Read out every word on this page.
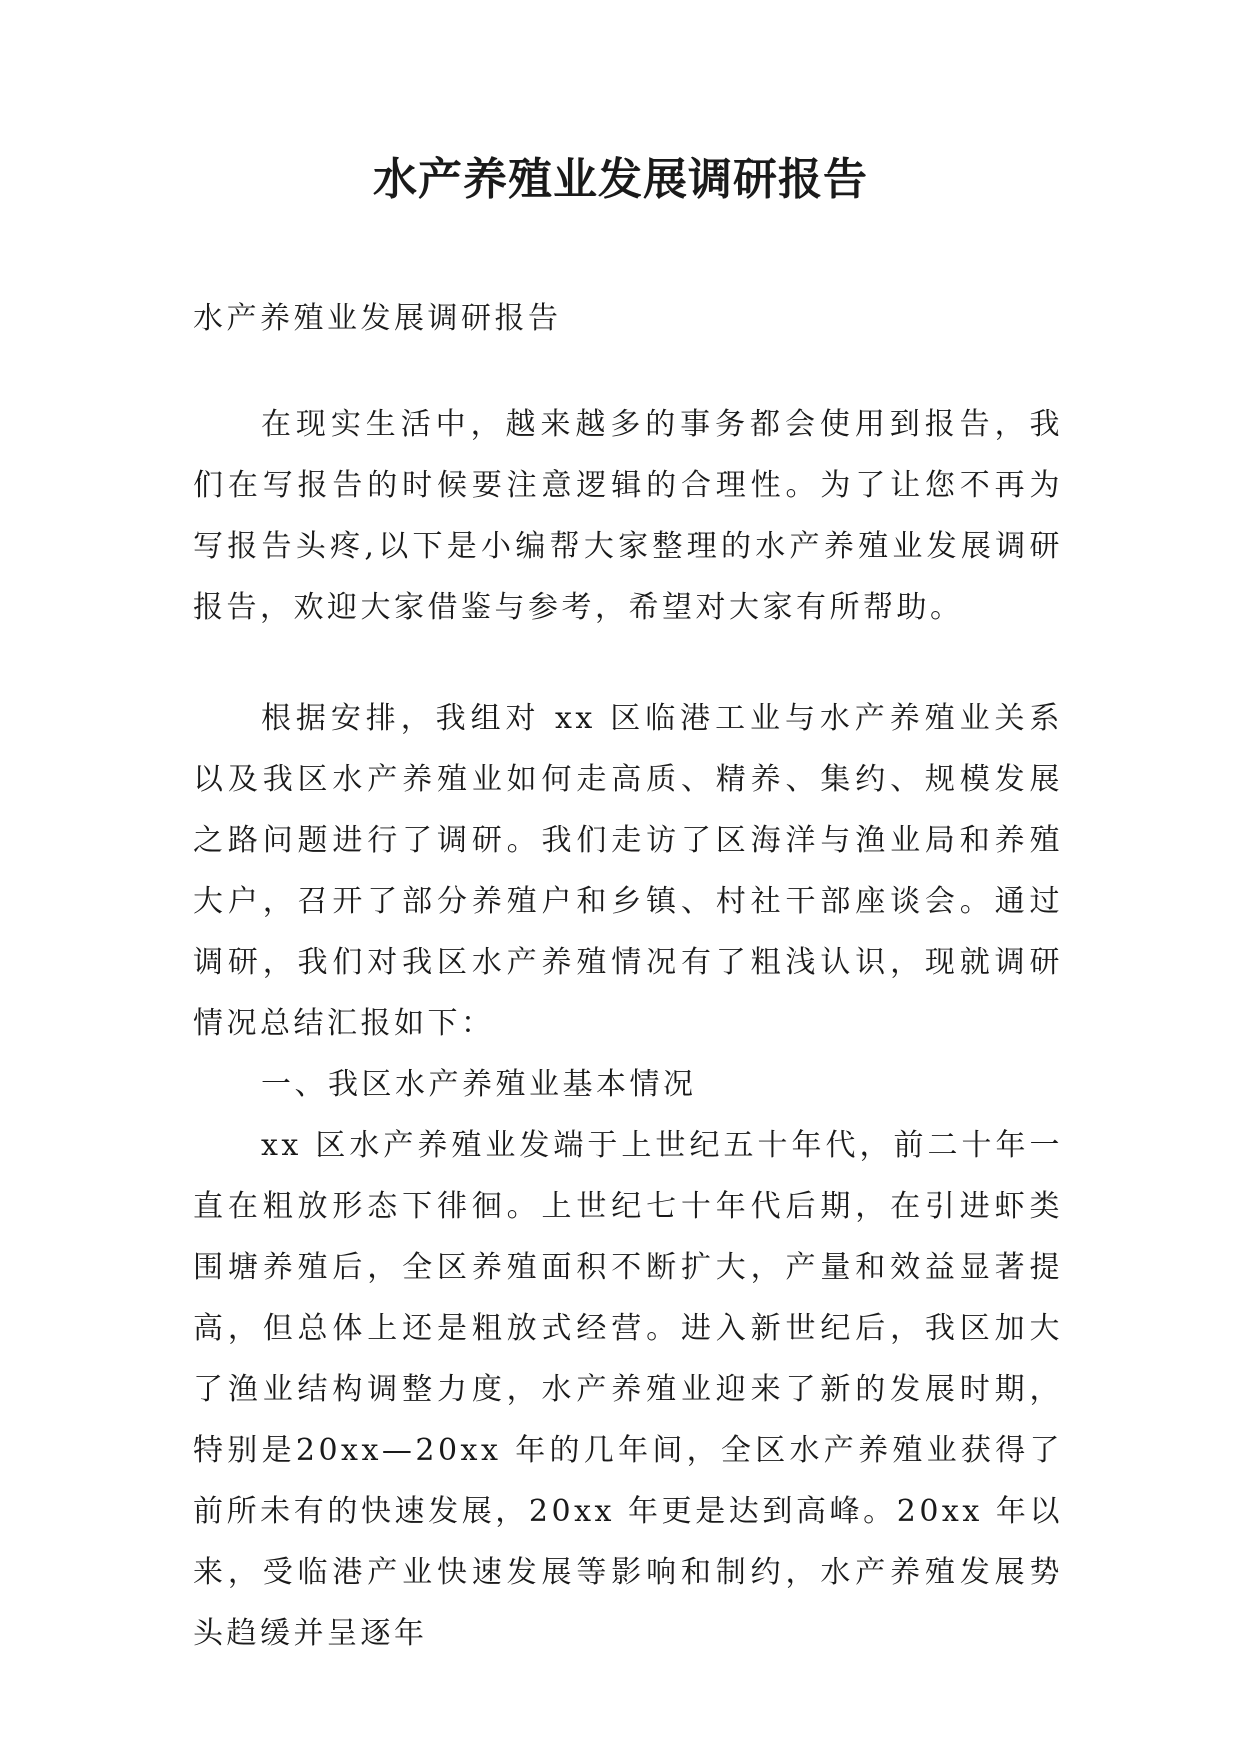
水产养殖业发展调研报告

水产养殖业发展调研报告

在现实生活中，越来越多的事务都会使用到报告，我们在写报告的时候要注意逻辑的合理性。为了让您不再为写报告头疼,以下是小编帮大家整理的水产养殖业发展调研报告，欢迎大家借鉴与参考，希望对大家有所帮助。

根据安排，我组对 xx 区临港工业与水产养殖业关系以及我区水产养殖业如何走高质、精养、集约、规模发展之路问题进行了调研。我们走访了区海洋与渔业局和养殖大户，召开了部分养殖户和乡镇、村社干部座谈会。通过调研，我们对我区水产养殖情况有了粗浅认识，现就调研情况总结汇报如下：

一、我区水产养殖业基本情况

xx 区水产养殖业发端于上世纪五十年代，前二十年一直在粗放形态下徘徊。上世纪七十年代后期，在引进虾类围塘养殖后，全区养殖面积不断扩大，产量和效益显著提高，但总体上还是粗放式经营。进入新世纪后，我区加大了渔业结构调整力度，水产养殖业迎来了新的发展时期，特别是20xx—20xx 年的几年间，全区水产养殖业获得了前所未有的快速发展，20xx 年更是达到高峰。20xx 年以来，受临港产业快速发展等影响和制约，水产养殖发展势头趋缓并呈逐年
